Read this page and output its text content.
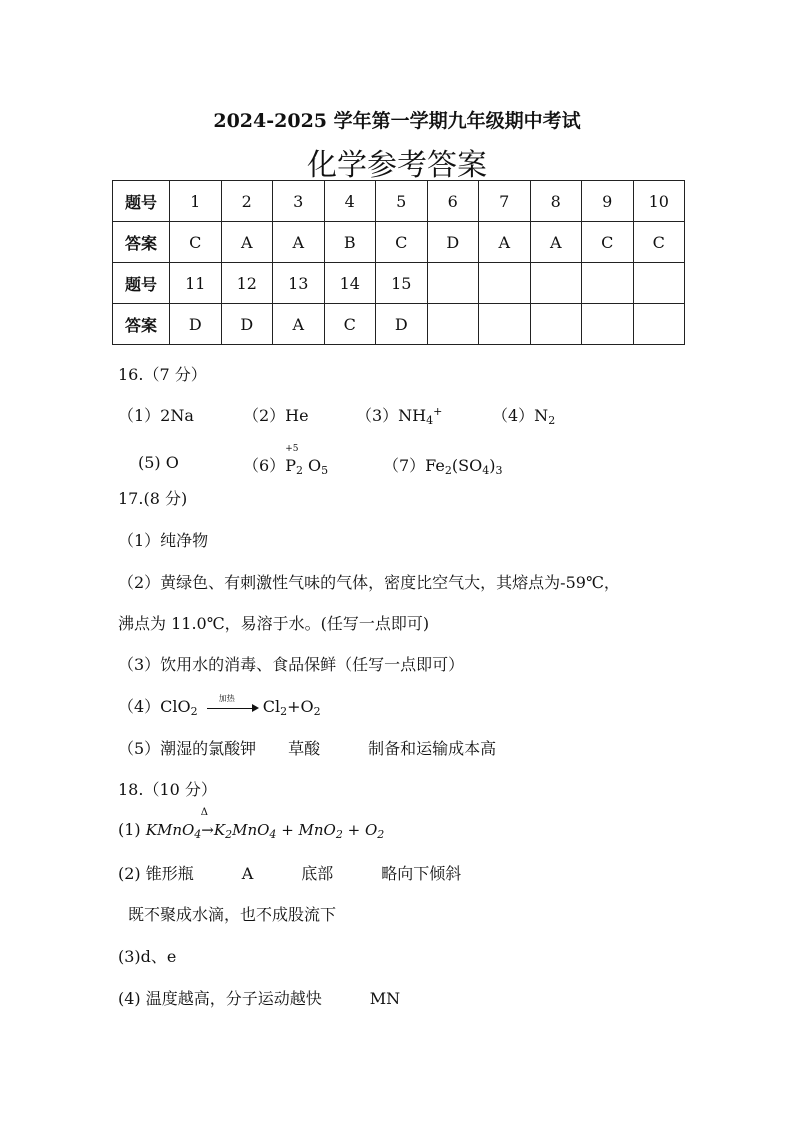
2024-2025 学年第一学期九年级期中考试
化学参考答案
题号	1	2	3	4	5	6	7	8	9	10
答案	C	A	A	B	C	D	A	A	C	C
题号	11	12	13	14	15					
答案	D	D	A	C	D					
16.（7 分）
（1）2Na	（2）He	$(3)NH_4^+$	$(4)N_2$
(5) O	（6）
+5
$P_2$ $O_5$	$(7)Fe_2(SO_4)_3$
17.(8 分)
（1）纯净物
（2）黄绿色、有刺激性气味的气体，密度比空气大，其熔点为-59℃，
沸点为 11.0℃，易溶于水。(任写一点即可)
（3）饮用水的消毒、食品保鲜（任写一点即可）
（4）ClO$_2$
加热 $Cl_2+O_2$
（5）潮湿的氯酸钾　　草酸　　　制备和运输成本高
18.（10 分）
(1)
Δ
$KMnO_4\to K_2MnO_4 + MnO_2 + O_2$
(2) 锥形瓶　　　A　　　底部　　　略向下倾斜
既不聚成水滴，也不成股流下
(3)d、e
(4) 温度越高，分子运动越快　　　MN
